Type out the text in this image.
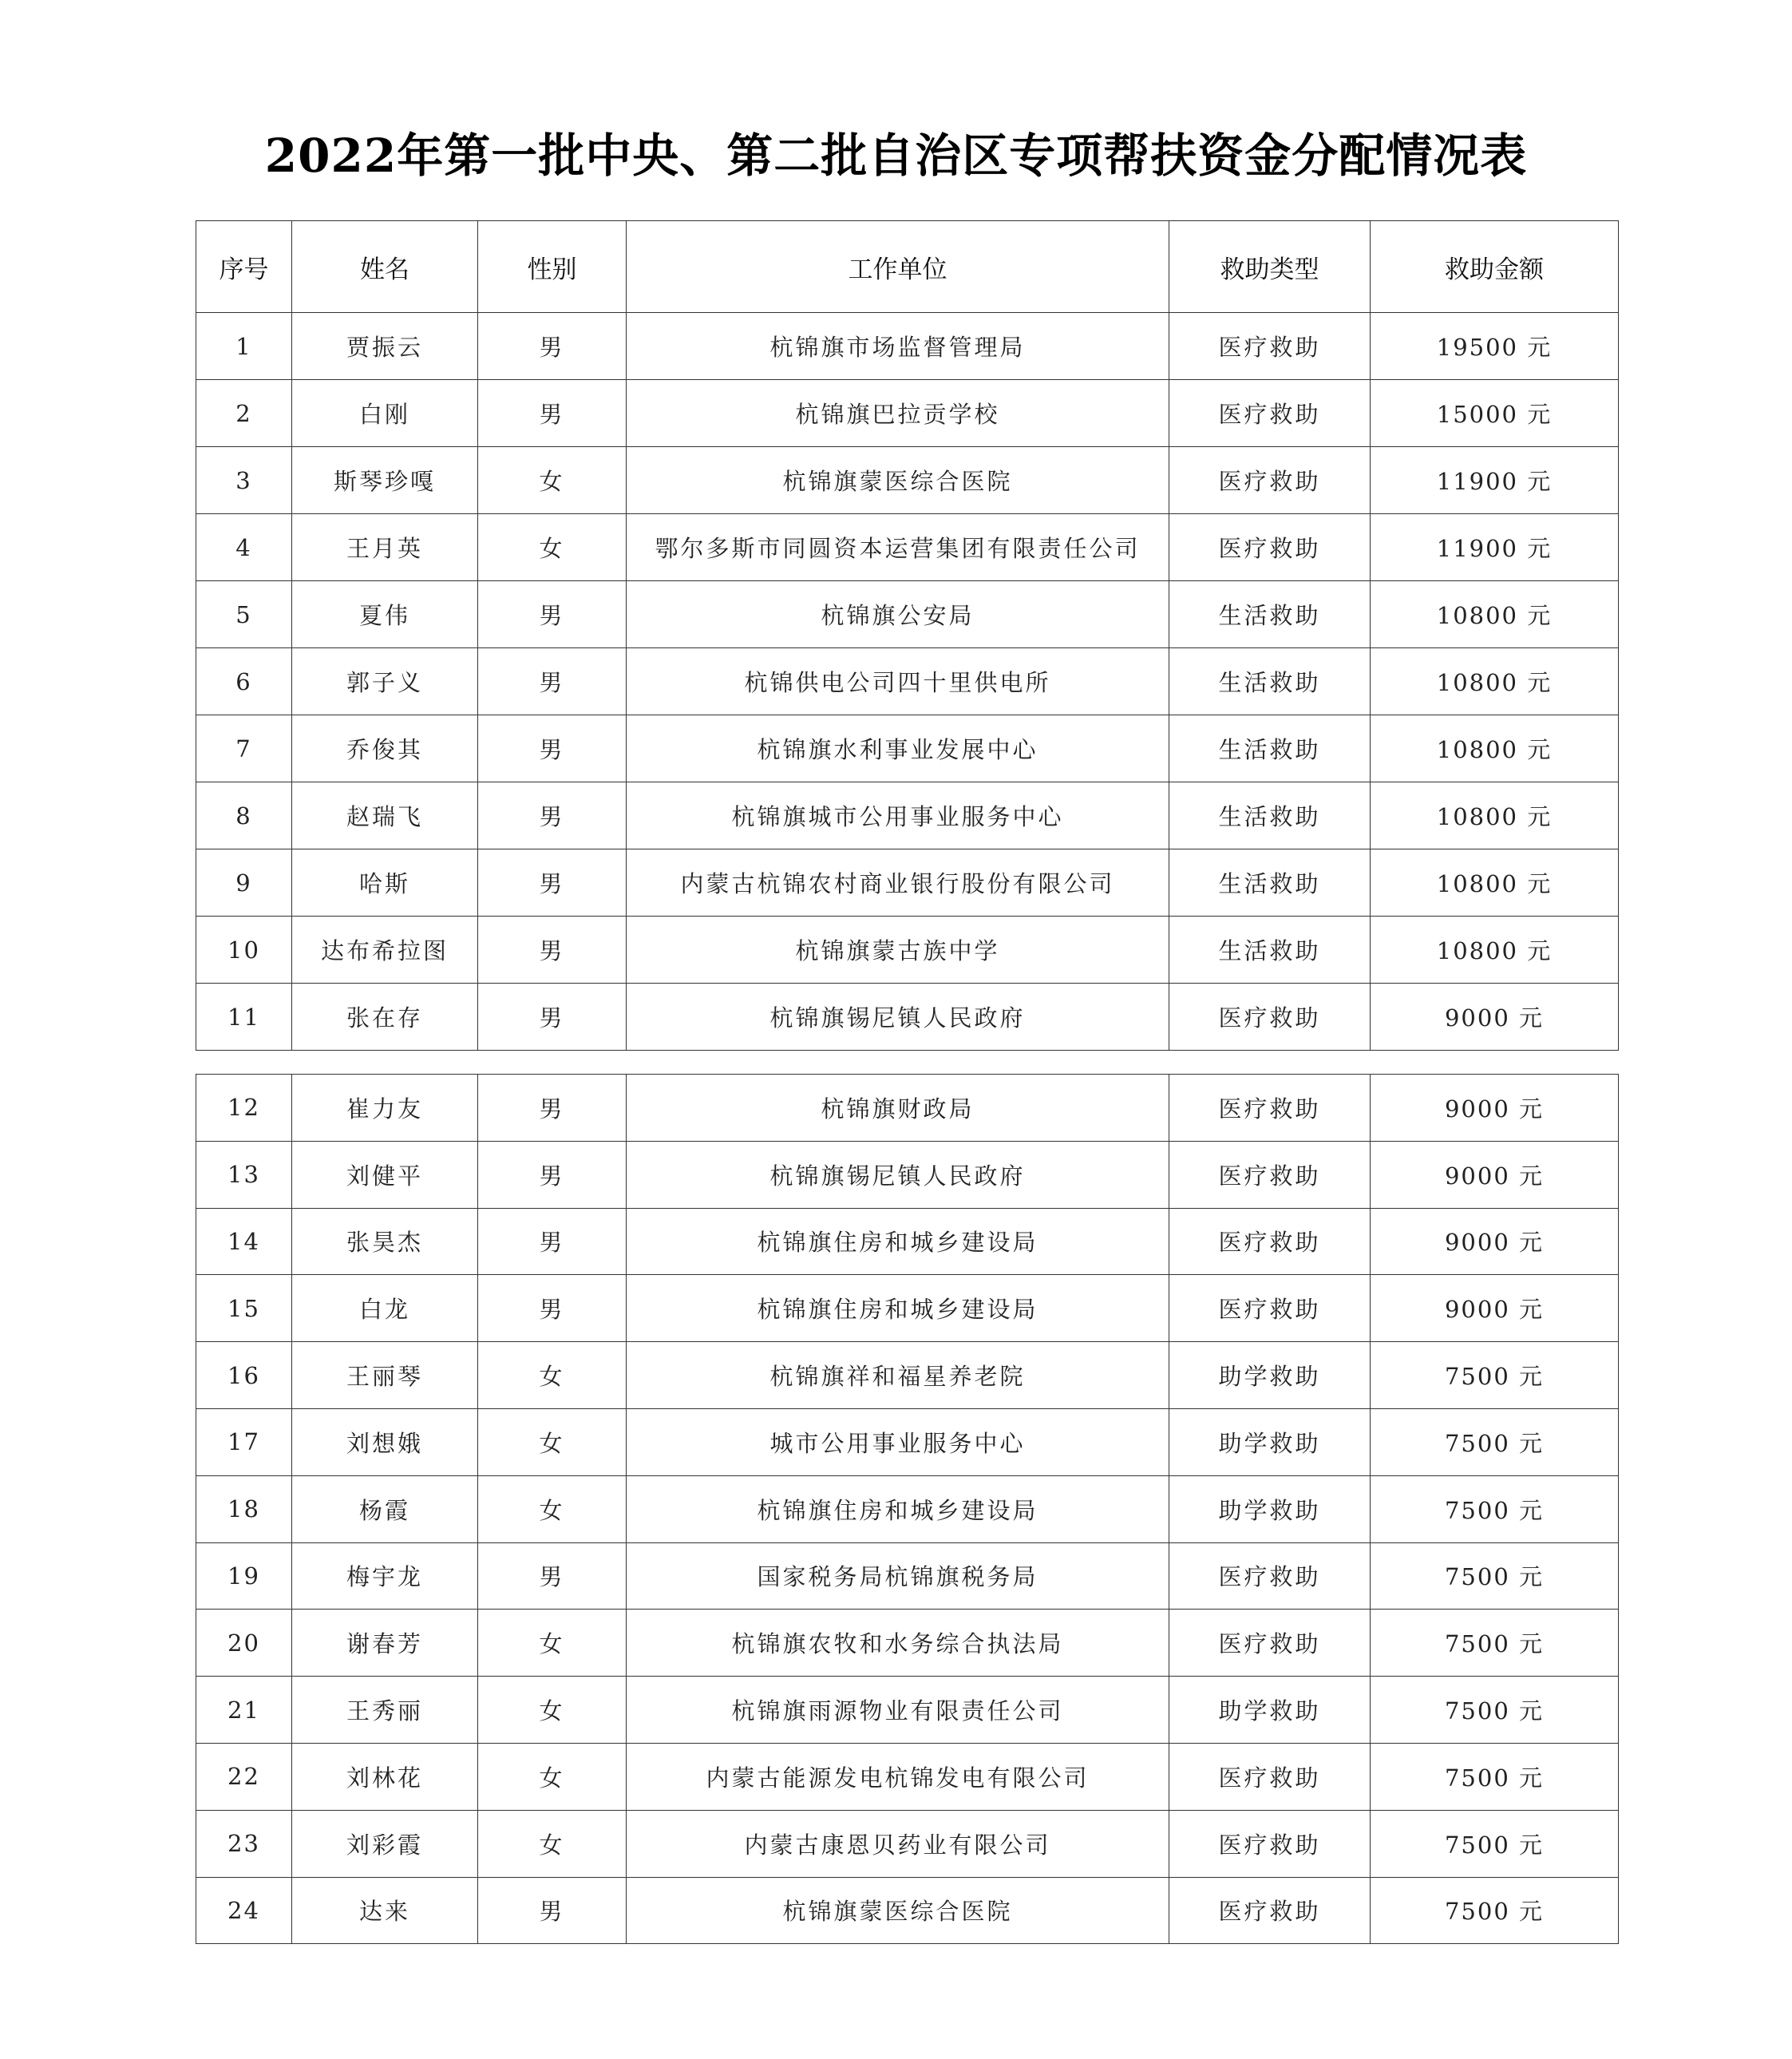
2022年第一批中央、第二批自治区专项帮扶资金分配情况表
序号	姓名	性别	工作单位	救助类型	救助金额
1	贾振云	男	杭锦旗市场监督管理局	医疗救助	19500 元
2	白刚	男	杭锦旗巴拉贡学校	医疗救助	15000 元
3	斯琴珍嘎	女	杭锦旗蒙医综合医院	医疗救助	11900 元
4	王月英	女	鄂尔多斯市同圆资本运营集团有限责任公司	医疗救助	11900 元
5	夏伟	男	杭锦旗公安局	生活救助	10800 元
6	郭子义	男	杭锦供电公司四十里供电所	生活救助	10800 元
7	乔俊其	男	杭锦旗水利事业发展中心	生活救助	10800 元
8	赵瑞飞	男	杭锦旗城市公用事业服务中心	生活救助	10800 元
9	哈斯	男	内蒙古杭锦农村商业银行股份有限公司	生活救助	10800 元
10	达布希拉图	男	杭锦旗蒙古族中学	生活救助	10800 元
11	张在存	男	杭锦旗锡尼镇人民政府	医疗救助	9000 元
12	崔力友	男	杭锦旗财政局	医疗救助	9000 元
13	刘健平	男	杭锦旗锡尼镇人民政府	医疗救助	9000 元
14	张昊杰	男	杭锦旗住房和城乡建设局	医疗救助	9000 元
15	白龙	男	杭锦旗住房和城乡建设局	医疗救助	9000 元
16	王丽琴	女	杭锦旗祥和福星养老院	助学救助	7500 元
17	刘想娥	女	城市公用事业服务中心	助学救助	7500 元
18	杨霞	女	杭锦旗住房和城乡建设局	助学救助	7500 元
19	梅宇龙	男	国家税务局杭锦旗税务局	医疗救助	7500 元
20	谢春芳	女	杭锦旗农牧和水务综合执法局	医疗救助	7500 元
21	王秀丽	女	杭锦旗雨源物业有限责任公司	助学救助	7500 元
22	刘林花	女	内蒙古能源发电杭锦发电有限公司	医疗救助	7500 元
23	刘彩霞	女	内蒙古康恩贝药业有限公司	医疗救助	7500 元
24	达来	男	杭锦旗蒙医综合医院	医疗救助	7500 元
